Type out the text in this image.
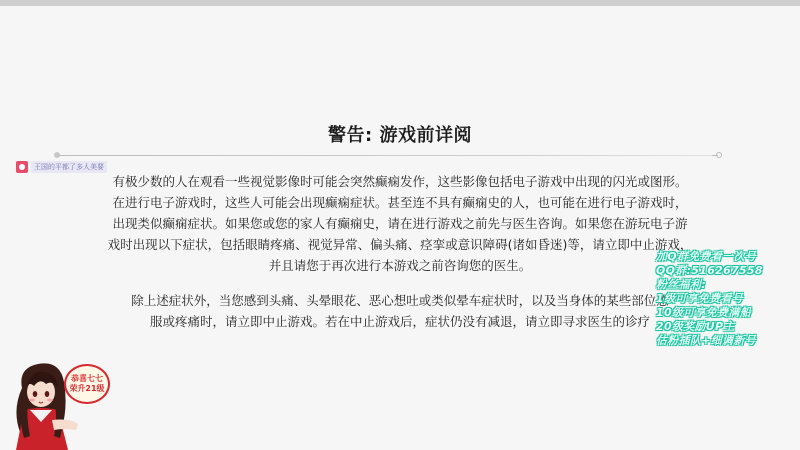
警告: 游戏前详阅
王国的平都了多人美要
有极少数的人在观看一些视觉影像时可能会突然癫痫发作，这些影像包括电子游戏中出现的闪光或图形。
在进行电子游戏时，这些人可能会出现癫痫症状。甚至连不具有癫痫史的人，也可能在进行电子游戏时，
出现类似癫痫症状。如果您或您的家人有癫痫史，请在进行游戏之前先与医生咨询。如果您在游玩电子游
戏时出现以下症状，包括眼睛疼痛、视觉异常、偏头痛、痉挛或意识障碍(诸如昏迷)等，请立即中止游戏，
并且请您于再次进行本游戏之前咨询您的医生。
除上述症状外，当您感到头痛、头晕眼花、恶心想吐或类似晕车症状时，以及当身体的某些部位感
服或疼痛时，请立即中止游戏。若在中止游戏后，症状仍没有减退，请立即寻求医生的诊疗
加Q群免费看一次号
QQ群:516267558
粉丝福利:
1级可享免费看号
10级可享免费满船
20级奖励UP主
估粉插队+细调新号
恭喜七七
荣升21级
